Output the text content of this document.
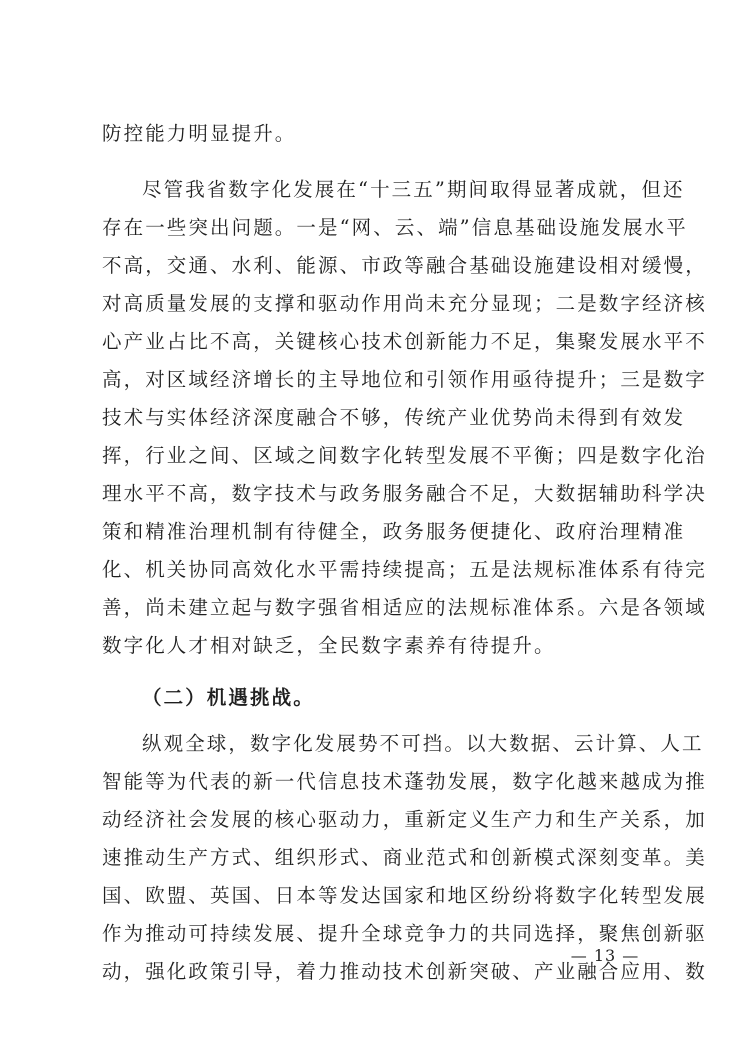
防控能力明显提升。
尽管我省数字化发展在“十三五”期间取得显著成就，但还
存在一些突出问题。一是“网、云、端”信息基础设施发展水平
不高，交通、水利、能源、市政等融合基础设施建设相对缓慢，
对高质量发展的支撑和驱动作用尚未充分显现；二是数字经济核
心产业占比不高，关键核心技术创新能力不足，集聚发展水平不
高，对区域经济增长的主导地位和引领作用亟待提升；三是数字
技术与实体经济深度融合不够，传统产业优势尚未得到有效发
挥，行业之间、区域之间数字化转型发展不平衡；四是数字化治
理水平不高，数字技术与政务服务融合不足，大数据辅助科学决
策和精准治理机制有待健全，政务服务便捷化、政府治理精准
化、机关协同高效化水平需持续提高；五是法规标准体系有待完
善，尚未建立起与数字强省相适应的法规标准体系。六是各领域
数字化人才相对缺乏，全民数字素养有待提升。
（二）机遇挑战。
纵观全球，数字化发展势不可挡。以大数据、云计算、人工
智能等为代表的新一代信息技术蓬勃发展，数字化越来越成为推
动经济社会发展的核心驱动力，重新定义生产力和生产关系，加
速推动生产方式、组织形式、商业范式和创新模式深刻变革。美
国、欧盟、英国、日本等发达国家和地区纷纷将数字化转型发展
作为推动可持续发展、提升全球竞争力的共同选择，聚焦创新驱
动，强化政策引导，着力推动技术创新突破、产业融合应用、数
— 13 —
